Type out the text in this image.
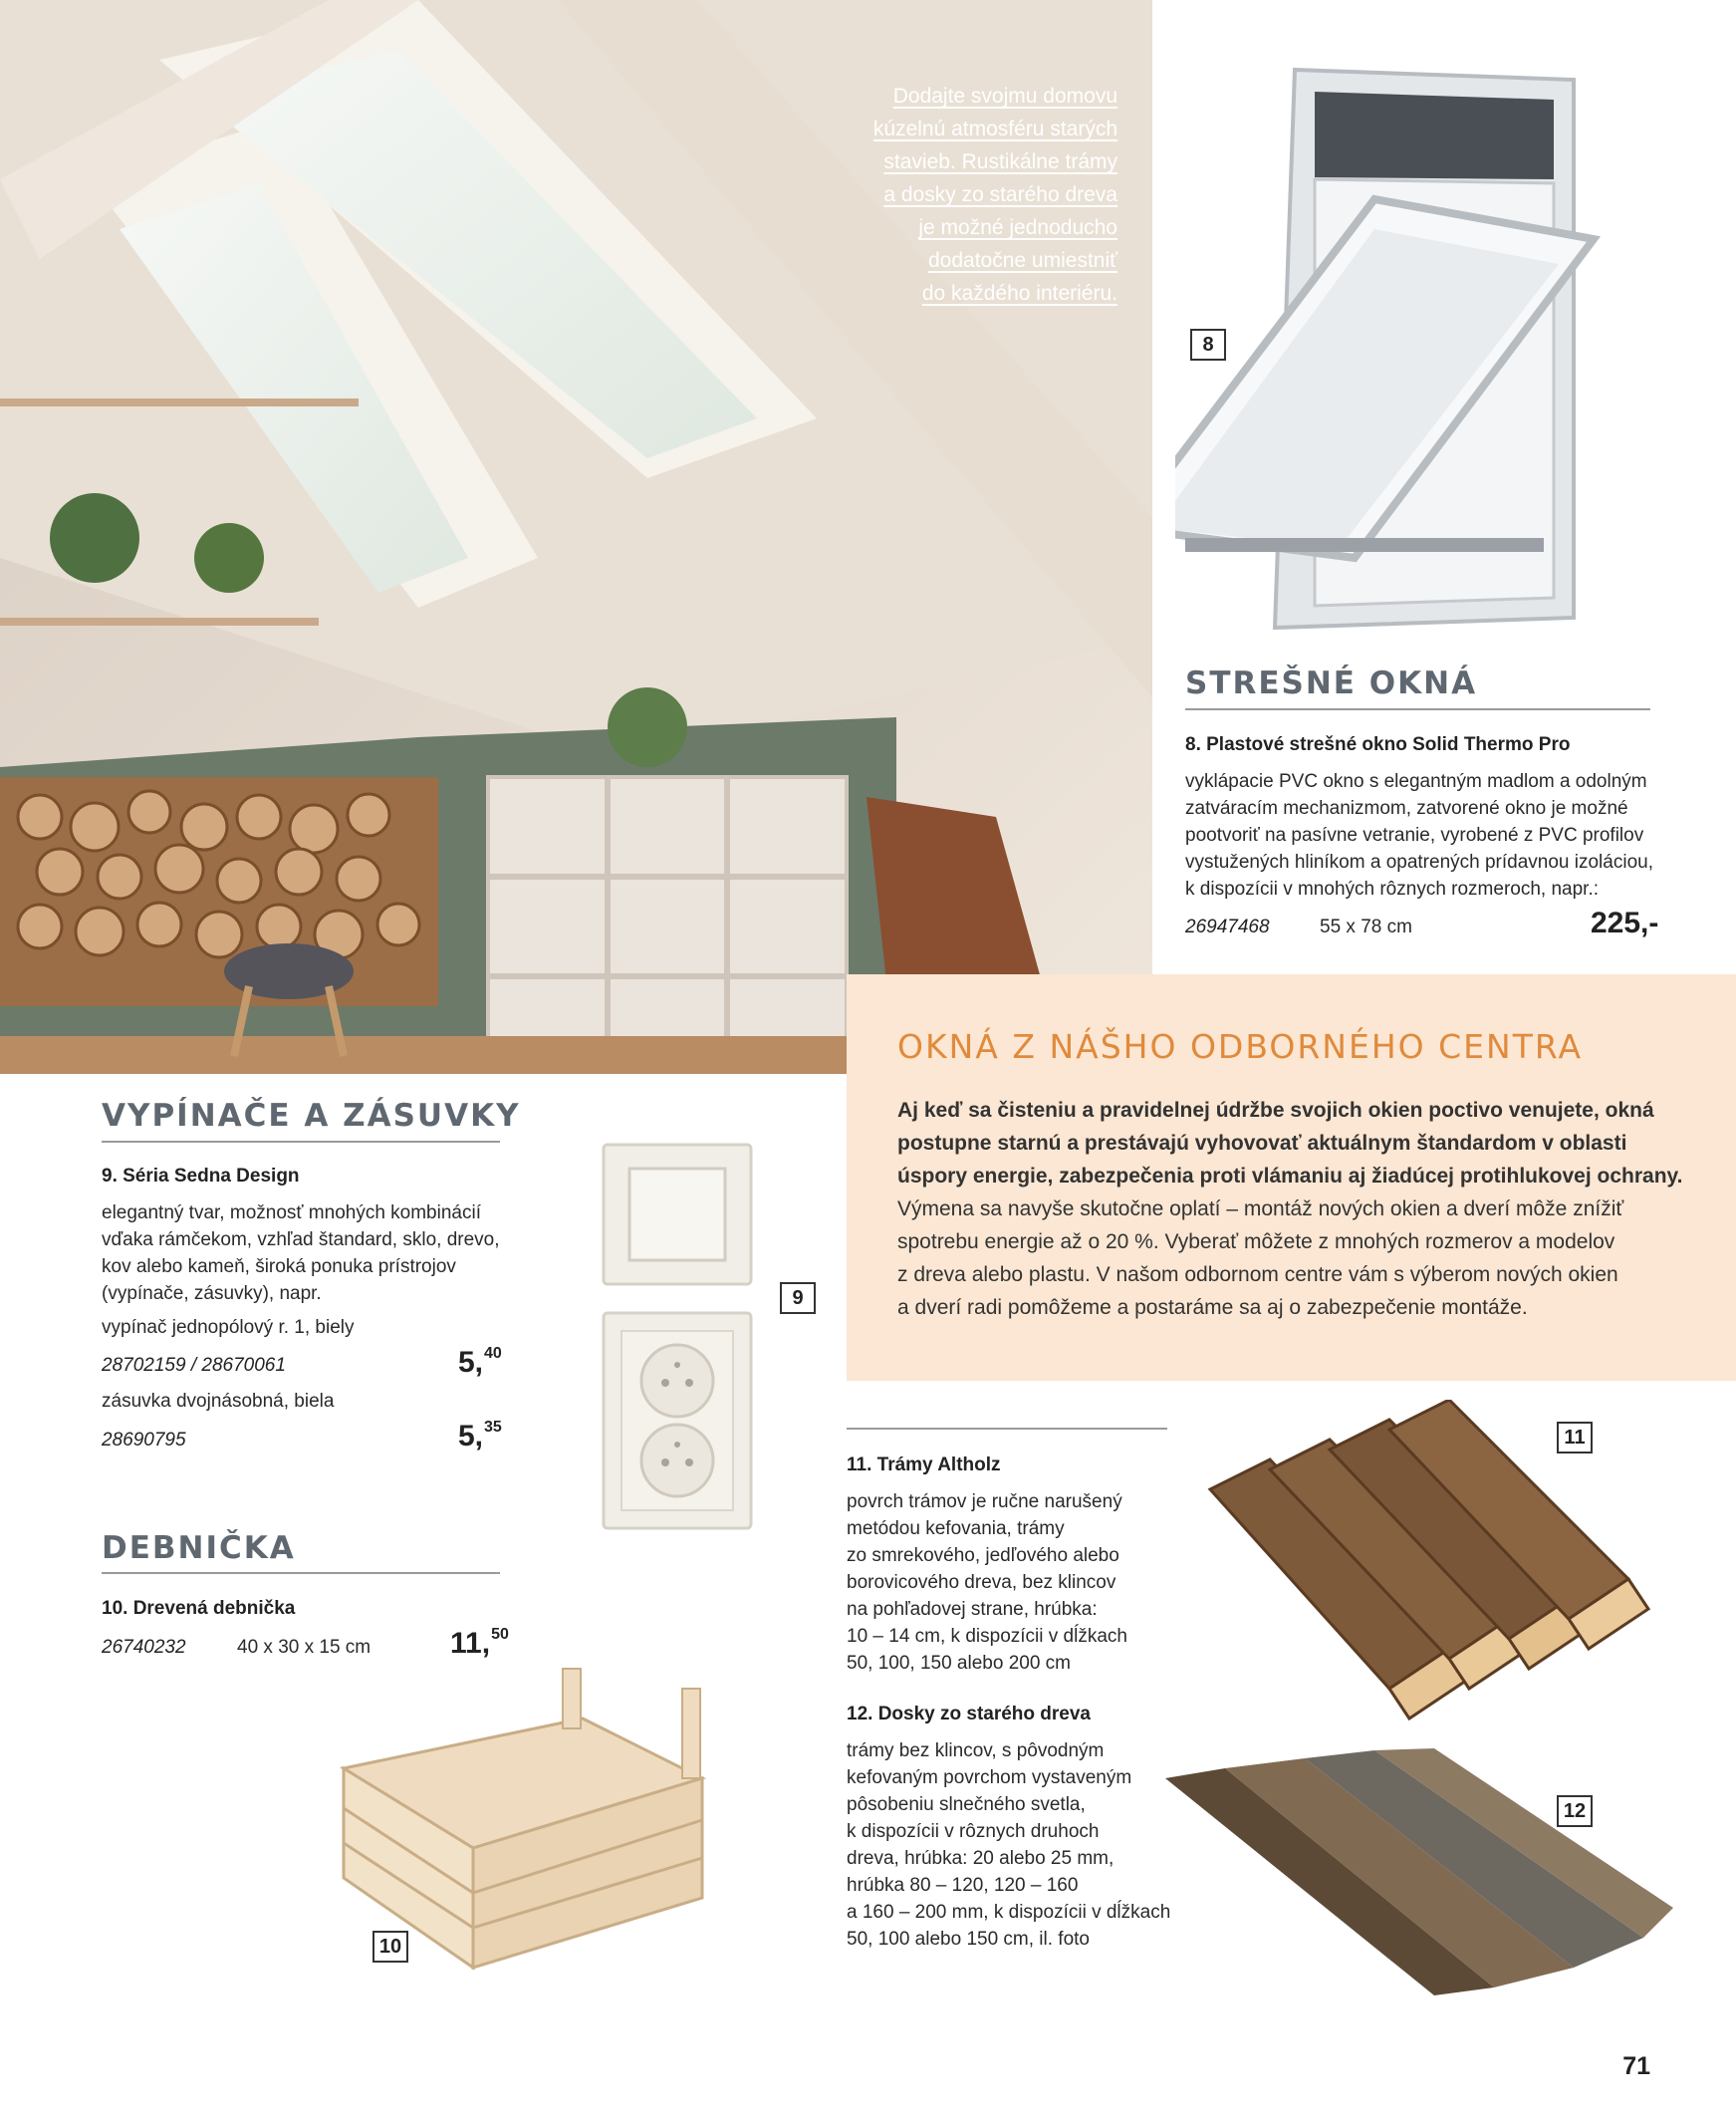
Dodajte svojmu domovu
kúzelnú atmosféru starých
stavieb. Rustikálne trámy
a dosky zo starého dreva
je možné jednoducho
dodatočne umiestniť
do každého interiéru.
8
STREŠNÉ OKNÁ
8. Plastové strešné okno Solid Thermo Pro
vyklápacie PVC okno s elegantným madlom a odolným
zatváracím mechanizmom, zatvorené okno je možné
pootvoriť na pasívne vetranie, vyrobené z PVC profilov
vystužených hliníkom a opatrených prídavnou izoláciou,
k dispozícii v mnohých rôznych rozmeroch, napr.:
26947468	55 x 78 cm	225,-
OKNÁ Z NÁŠHO ODBORNÉHO CENTRA
Aj keď sa čisteniu a pravidelnej údržbe svojich okien poctivo venujete, okná
postupne starnú a prestávajú vyhovovať aktuálnym štandardom v oblasti
úspory energie, zabezpečenia proti vlámaniu aj žiadúcej protihlukovej ochrany.
Výmena sa navyše skutočne oplatí – montáž nových okien a dverí môže znížiť
spotrebu energie až o 20 %. Vyberať môžete z mnohých rozmerov a modelov
z dreva alebo plastu. V našom odbornom centre vám s výberom nových okien
a dverí radi pomôžeme a postaráme sa aj o zabezpečenie montáže.
VYPÍNAČE A ZÁSUVKY
9. Séria Sedna Design
elegantný tvar, možnosť mnohých kombinácií
vďaka rámčekom, vzhľad štandard, sklo, drevo,
kov alebo kameň, široká ponuka prístrojov
(vypínače, zásuvky), napr.
vypínač jednopólový r. 1, biely
28702159 / 28670061	5,40
zásuvka dvojnásobná, biela
28690795	5,35
9
DEBNIČKA
10. Drevená debnička
26740232	40 x 30 x 15 cm	11,50
10
11. Trámy Altholz
povrch trámov je ručne narušený
metódou kefovania, trámy
zo smrekového, jedľového alebo
borovicového dreva, bez klincov
na pohľadovej strane, hrúbka:
10 – 14 cm, k dispozícii v dĺžkach
50, 100, 150 alebo 200 cm
12. Dosky zo starého dreva
trámy bez klincov, s pôvodným
kefovaným povrchom vystaveným
pôsobeniu slnečného svetla,
k dispozícii v rôznych druhoch
dreva, hrúbka: 20 alebo 25 mm,
hrúbka 80 – 120, 120 – 160
a 160 – 200 mm, k dispozícii v dĺžkach
50, 100 alebo 150 cm, il. foto
11
12
71
